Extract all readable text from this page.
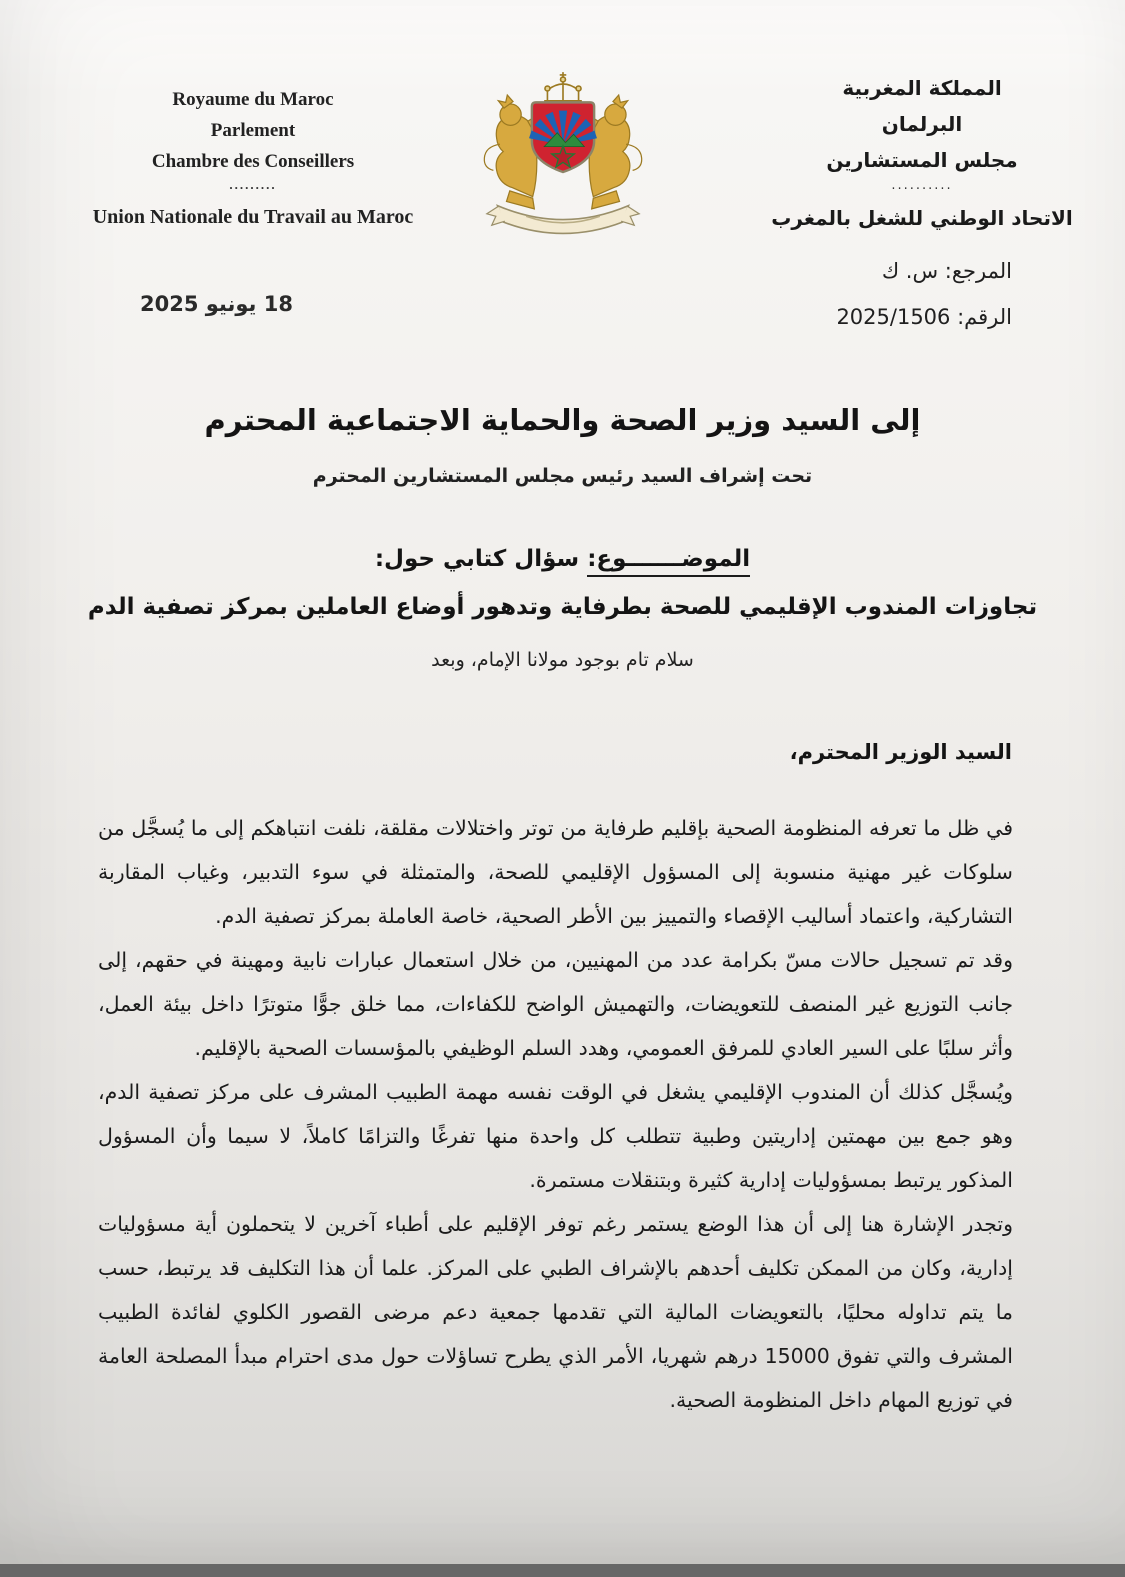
Royaume du Maroc
Parlement
Chambre des Conseillers
.........
Union Nationale du Travail au Maroc
المملكة المغربية
البرلمان
مجلس المستشارين
..........
الاتحاد الوطني للشغل بالمغرب
المرجع: س. ك
الرقم: 2025/1506
18 يونيو 2025
إلى السيد وزير الصحة والحماية الاجتماعية المحترم
تحت إشراف السيد رئيس مجلس المستشارين المحترم
الموضـــــــوع: سؤال كتابي حول:
تجاوزات المندوب الإقليمي للصحة بطرفاية وتدهور أوضاع العاملين بمركز تصفية الدم
سلام تام بوجود مولانا الإمام، وبعد
السيد الوزير المحترم،

في ظل ما تعرفه المنظومة الصحية بإقليم طرفاية من توتر واختلالات مقلقة، نلفت انتباهكم إلى ما يُسجَّل من سلوكات غير مهنية منسوبة إلى المسؤول الإقليمي للصحة، والمتمثلة في سوء التدبير، وغياب المقاربة التشاركية، واعتماد أساليب الإقصاء والتمييز بين الأطر الصحية، خاصة العاملة بمركز تصفية الدم.

وقد تم تسجيل حالات مسّ بكرامة عدد من المهنيين، من خلال استعمال عبارات نابية ومهينة في حقهم، إلى جانب التوزيع غير المنصف للتعويضات، والتهميش الواضح للكفاءات، مما خلق جوًّا متوترًا داخل بيئة العمل، وأثر سلبًا على السير العادي للمرفق العمومي، وهدد السلم الوظيفي بالمؤسسات الصحية بالإقليم.

ويُسجَّل كذلك أن المندوب الإقليمي يشغل في الوقت نفسه مهمة الطبيب المشرف على مركز تصفية الدم، وهو جمع بين مهمتين إداريتين وطبية تتطلب كل واحدة منها تفرغًا والتزامًا كاملاً، لا سيما وأن المسؤول المذكور يرتبط بمسؤوليات إدارية كثيرة وبتنقلات مستمرة.

وتجدر الإشارة هنا إلى أن هذا الوضع يستمر رغم توفر الإقليم على أطباء آخرين لا يتحملون أية مسؤوليات إدارية، وكان من الممكن تكليف أحدهم بالإشراف الطبي على المركز. علما أن هذا التكليف قد يرتبط، حسب ما يتم تداوله محليًا، بالتعويضات المالية التي تقدمها جمعية دعم مرضى القصور الكلوي لفائدة الطبيب المشرف والتي تفوق 15000 درهم شهريا، الأمر الذي يطرح تساؤلات حول مدى احترام مبدأ المصلحة العامة في توزيع المهام داخل المنظومة الصحية.
